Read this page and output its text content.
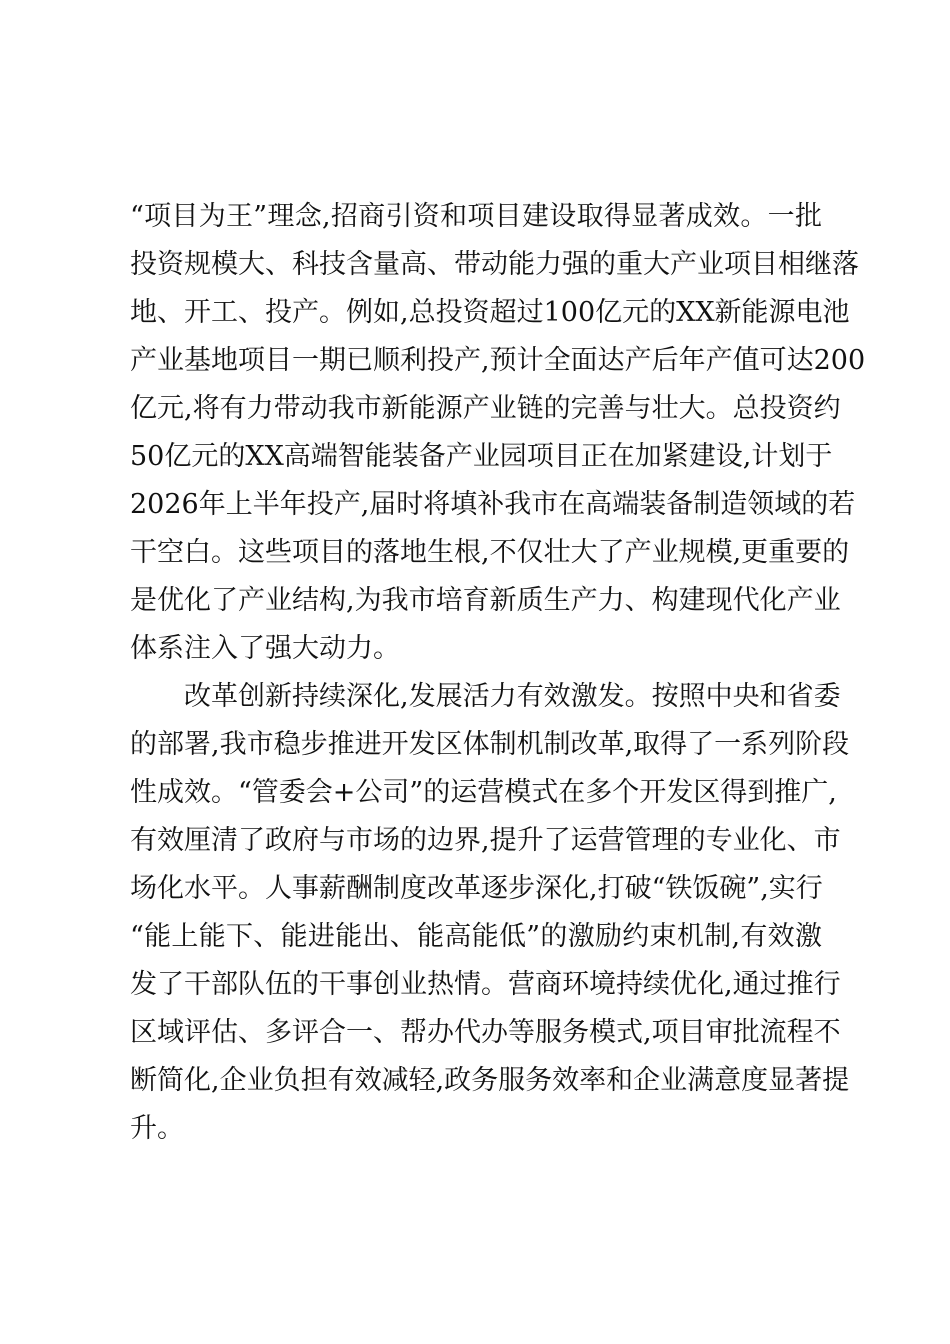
“项目为王”理念,招商引资和项目建设取得显著成效。一批
投资规模大、科技含量高、带动能力强的重大产业项目相继落
地、开工、投产。例如,总投资超过100亿元的XX新能源电池
产业基地项目一期已顺利投产,预计全面达产后年产值可达200
亿元,将有力带动我市新能源产业链的完善与壮大。总投资约
50亿元的XX高端智能装备产业园项目正在加紧建设,计划于
2026年上半年投产,届时将填补我市在高端装备制造领域的若
干空白。这些项目的落地生根,不仅壮大了产业规模,更重要的
是优化了产业结构,为我市培育新质生产力、构建现代化产业
体系注入了强大动力。
　　改革创新持续深化,发展活力有效激发。按照中央和省委
的部署,我市稳步推进开发区体制机制改革,取得了一系列阶段
性成效。“管委会+公司”的运营模式在多个开发区得到推广,
有效厘清了政府与市场的边界,提升了运营管理的专业化、市
场化水平。人事薪酬制度改革逐步深化,打破“铁饭碗”,实行
“能上能下、能进能出、能高能低”的激励约束机制,有效激
发了干部队伍的干事创业热情。营商环境持续优化,通过推行
区域评估、多评合一、帮办代办等服务模式,项目审批流程不
断简化,企业负担有效减轻,政务服务效率和企业满意度显著提
升。
